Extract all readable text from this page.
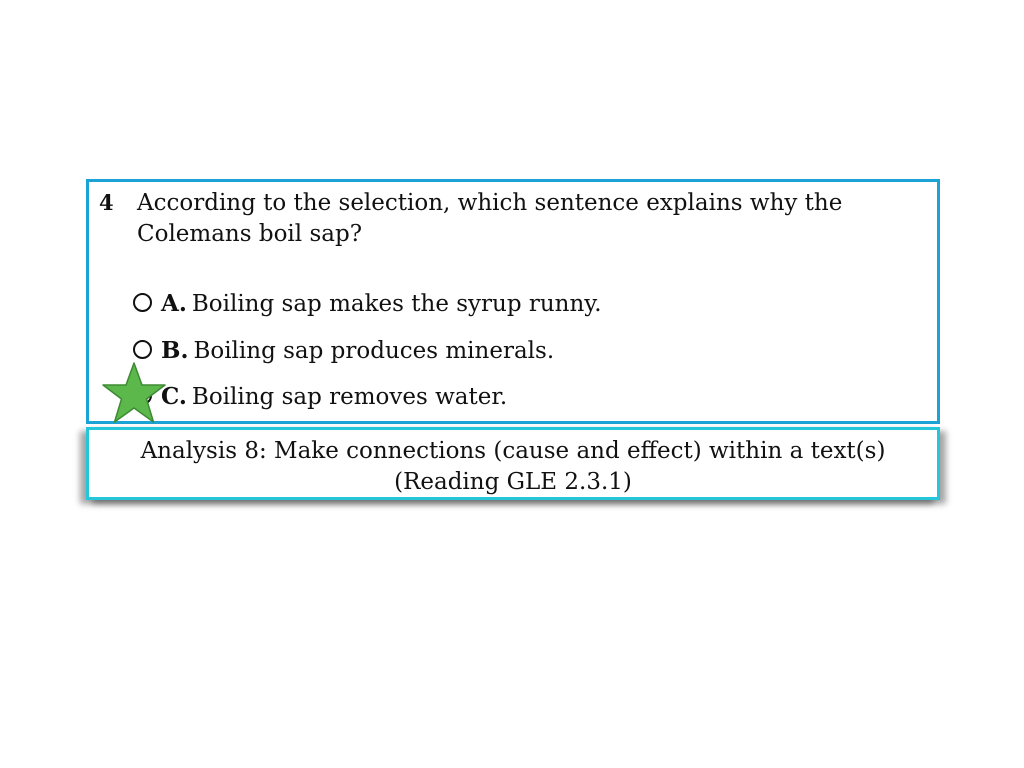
4 According to the selection, which sentence explains why the Colemans boil sap?
A. Boiling sap makes the syrup runny.
B. Boiling sap produces minerals.
C. Boiling sap removes water.
Analysis 8: Make connections (cause and effect) within a text(s)
(Reading GLE 2.3.1)
